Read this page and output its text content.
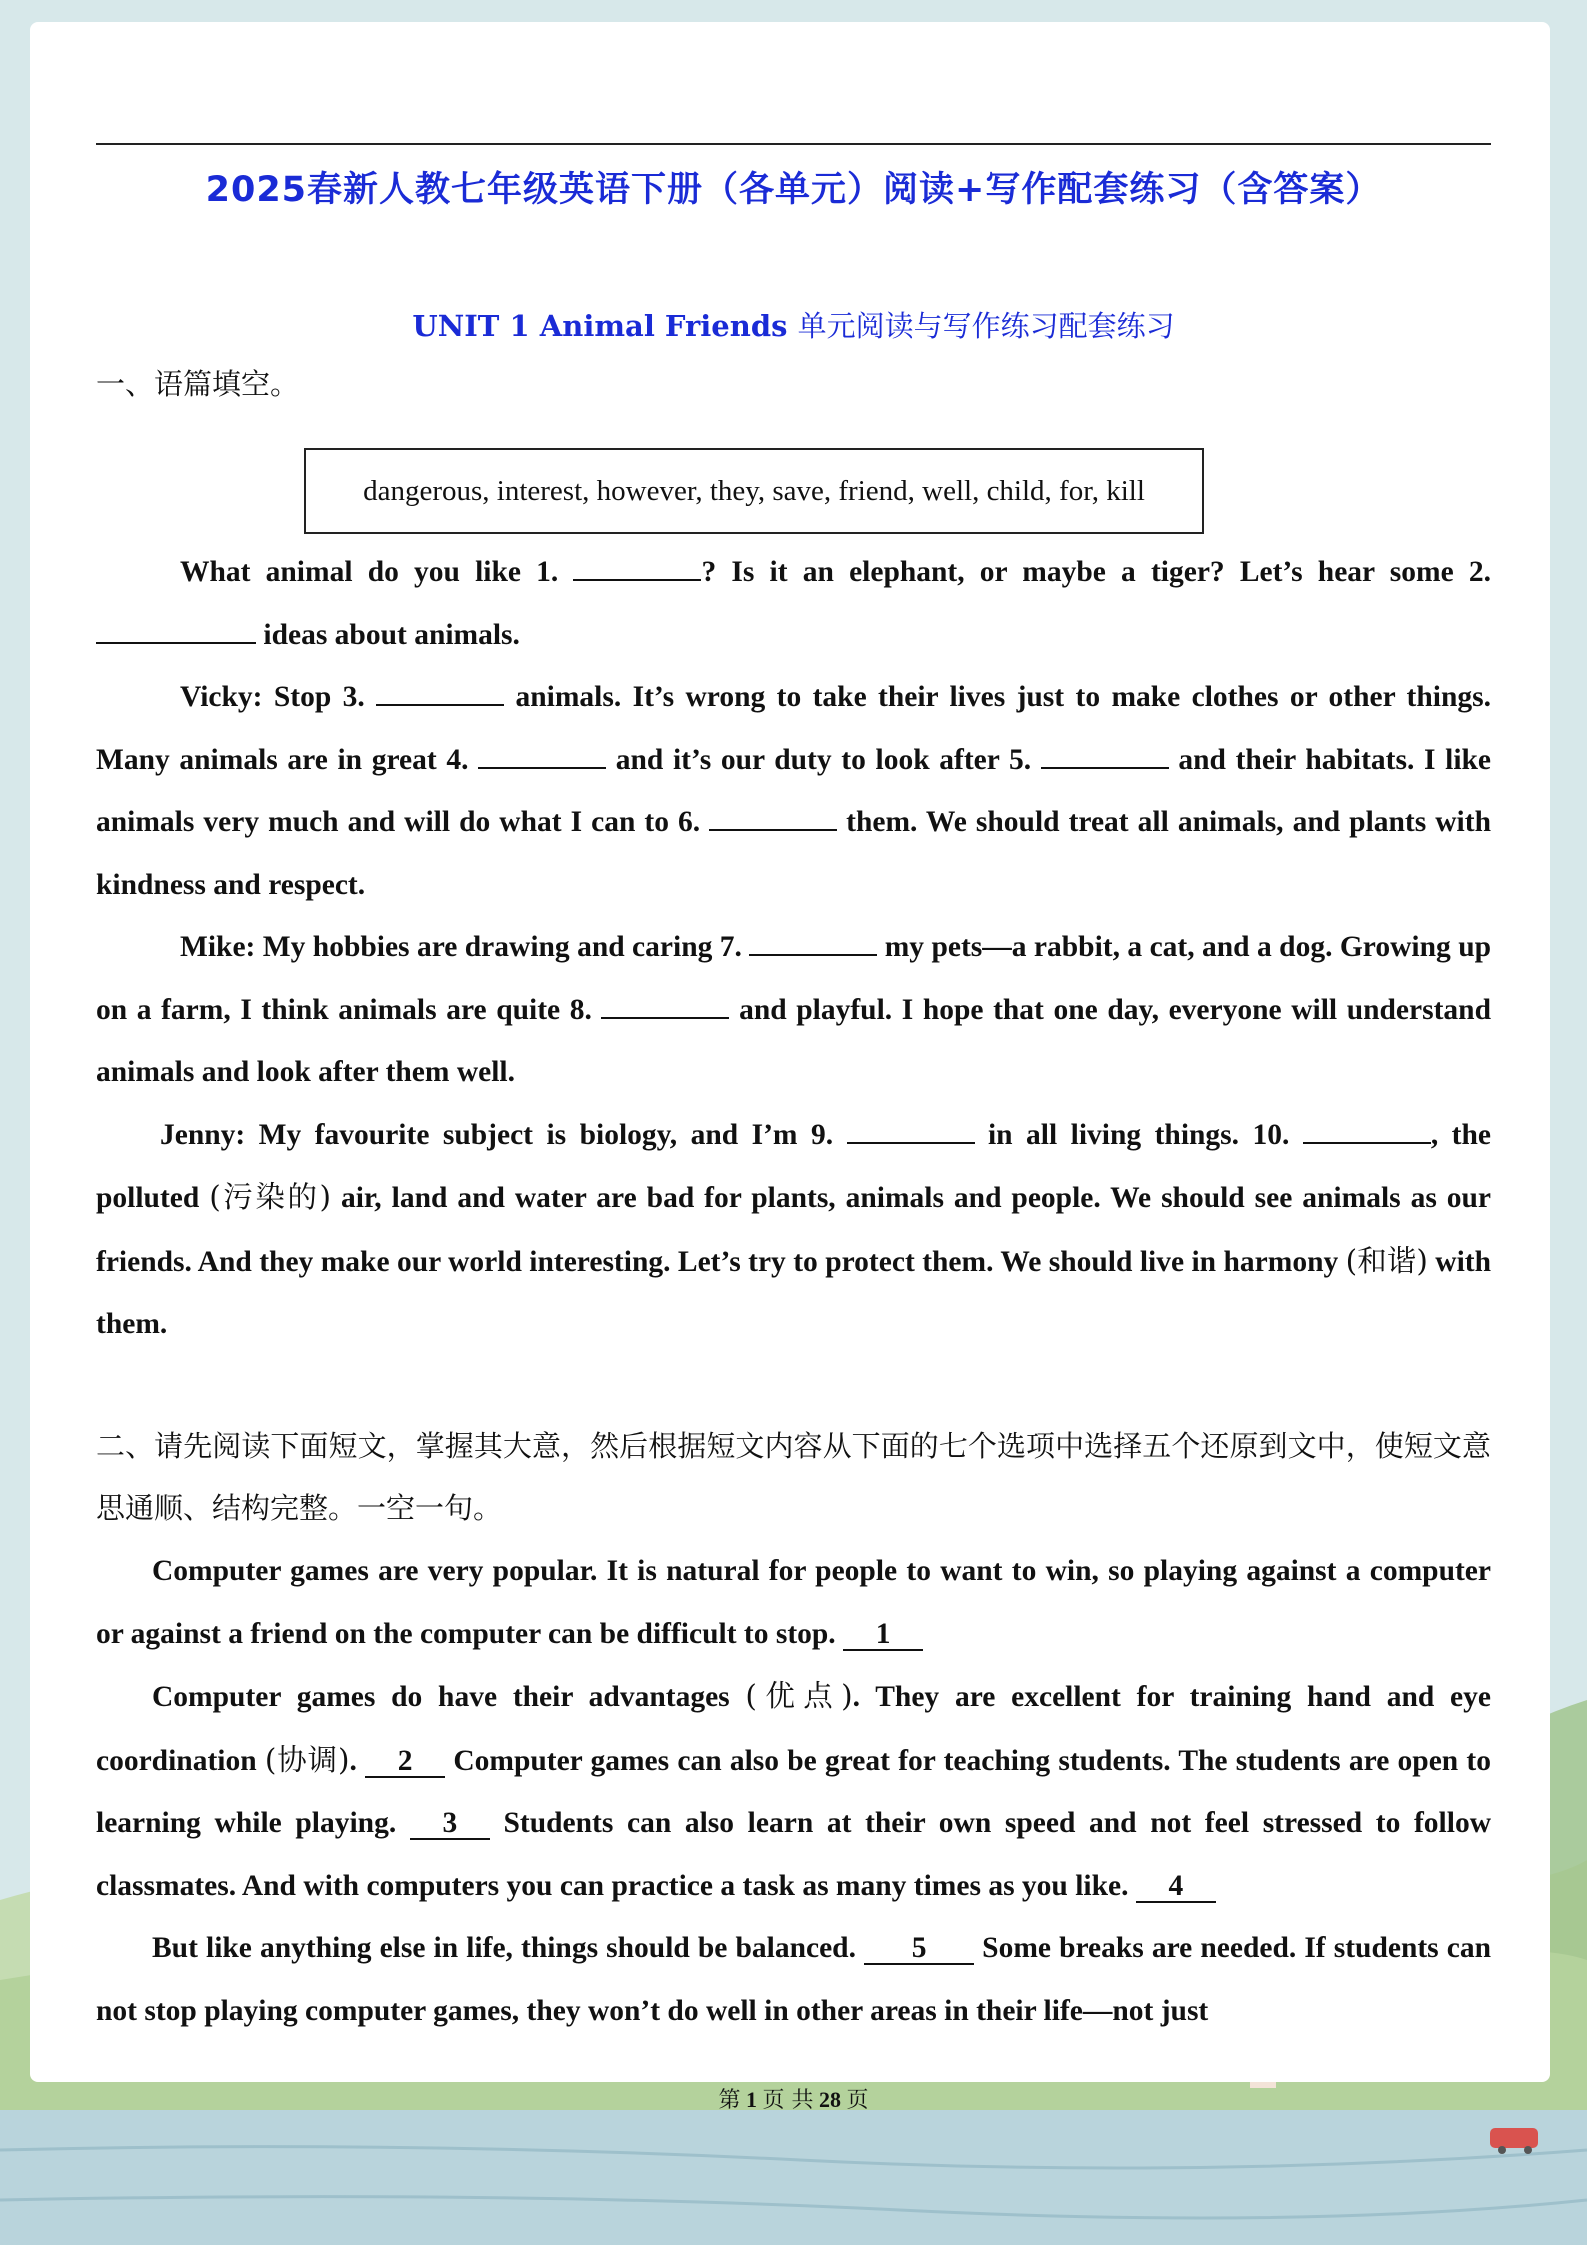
2025春新人教七年级英语下册（各单元）阅读+写作配套练习（含答案）
UNIT 1 Animal Friends 单元阅读与写作练习配套练习
一、语篇填空。
dangerous, interest, however, they, save, friend, well, child, for, kill

What animal do you like 1.	? Is it an elephant, or maybe a tiger? Let’s hear some 2.  ideas about animals.

Vicky: Stop 3.	animals. It’s wrong to take their lives just to make clothes or other things. Many animals are in great 4.	and it’s our duty to look after 5.	and their habitats. I like animals very much and will do what I can to 6.	them. We should treat all animals, and plants with kindness and respect.

Mike: My hobbies are drawing and caring 7.	my pets—a rabbit, a cat, and a dog. Growing up on a farm, I think animals are quite 8.	and playful. I hope that one day, everyone will understand animals and look after them well.

Jenny: My favourite subject is biology, and I’m 9.	in all living things. 10.	, the polluted (污染的) air, land and water are bad for plants, animals and people. We should see animals as our friends. And they make our world interesting. Let’s try to protect them. We should live in harmony (和谐) with them.

二、请先阅读下面短文，掌握其大意，然后根据短文内容从下面的七个选项中选择五个还原到文中，使短文意思通顺、结构完整。一空一句。

Computer games are very popular. It is natural for people to want to win, so playing against a computer or against a friend on the computer can be difficult to stop. 1

Computer games do have their advantages (优点). They are excellent for training hand and eye coordination (协调). 2 Computer games can also be great for teaching students. The students are open to learning while playing. 3 Students can also learn at their own speed and not feel stressed to follow classmates. And with computers you can practice a task as many times as you like. 4

But like anything else in life, things should be balanced. 5 Some breaks are needed. If students can not stop playing computer games, they won’t do well in other areas in their life—not just

第 1 页 共 28 页
